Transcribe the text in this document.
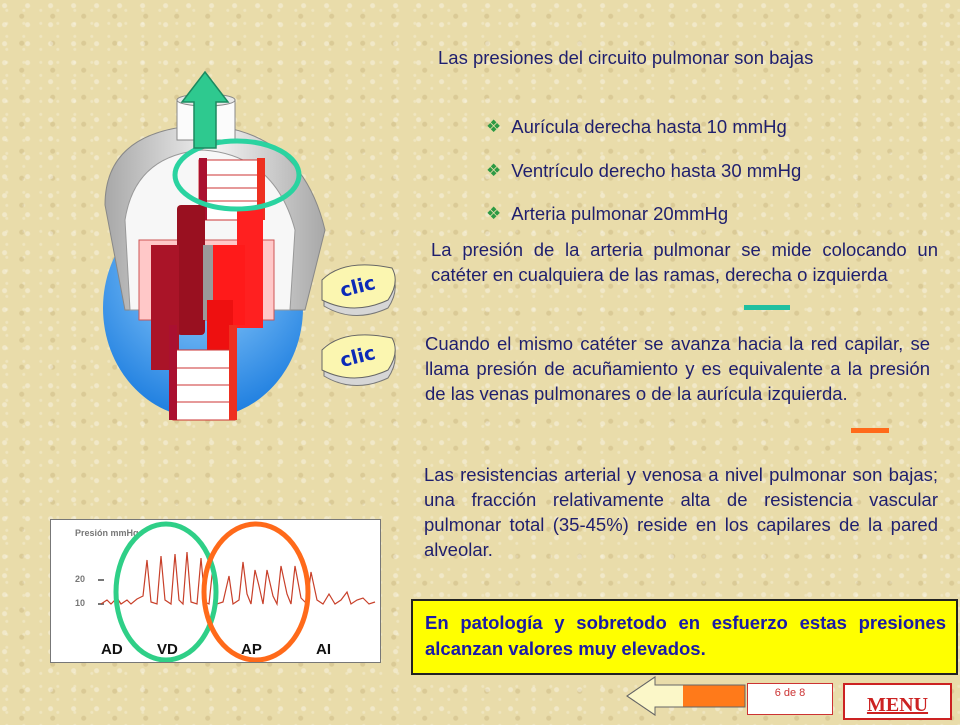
clic
clic
Las presiones del circuito pulmonar son bajas
❖ Aurícula derecha hasta 10 mmHg
❖ Ventrículo derecho hasta 30 mmHg
❖ Arteria pulmonar 20mmHg
La presión de la arteria pulmonar se mide colocando un catéter en cualquiera de las ramas, derecha o izquierda
Cuando el mismo catéter se avanza hacia la red capilar, se llama presión de acuñamiento y es equivalente a la presión de las venas pulmonares o de la aurícula izquierda.
Las resistencias arterial y venosa a nivel pulmonar son bajas; una fracción relativamente alta de resistencia vascular pulmonar total (35-45%) reside en los capilares de la pared alveolar.
Presión mmHg
20
10
AD VD	AP	AI

En patología y sobretodo en esfuerzo estas presiones alcanzan valores muy elevados.

6 de 8
MENU
